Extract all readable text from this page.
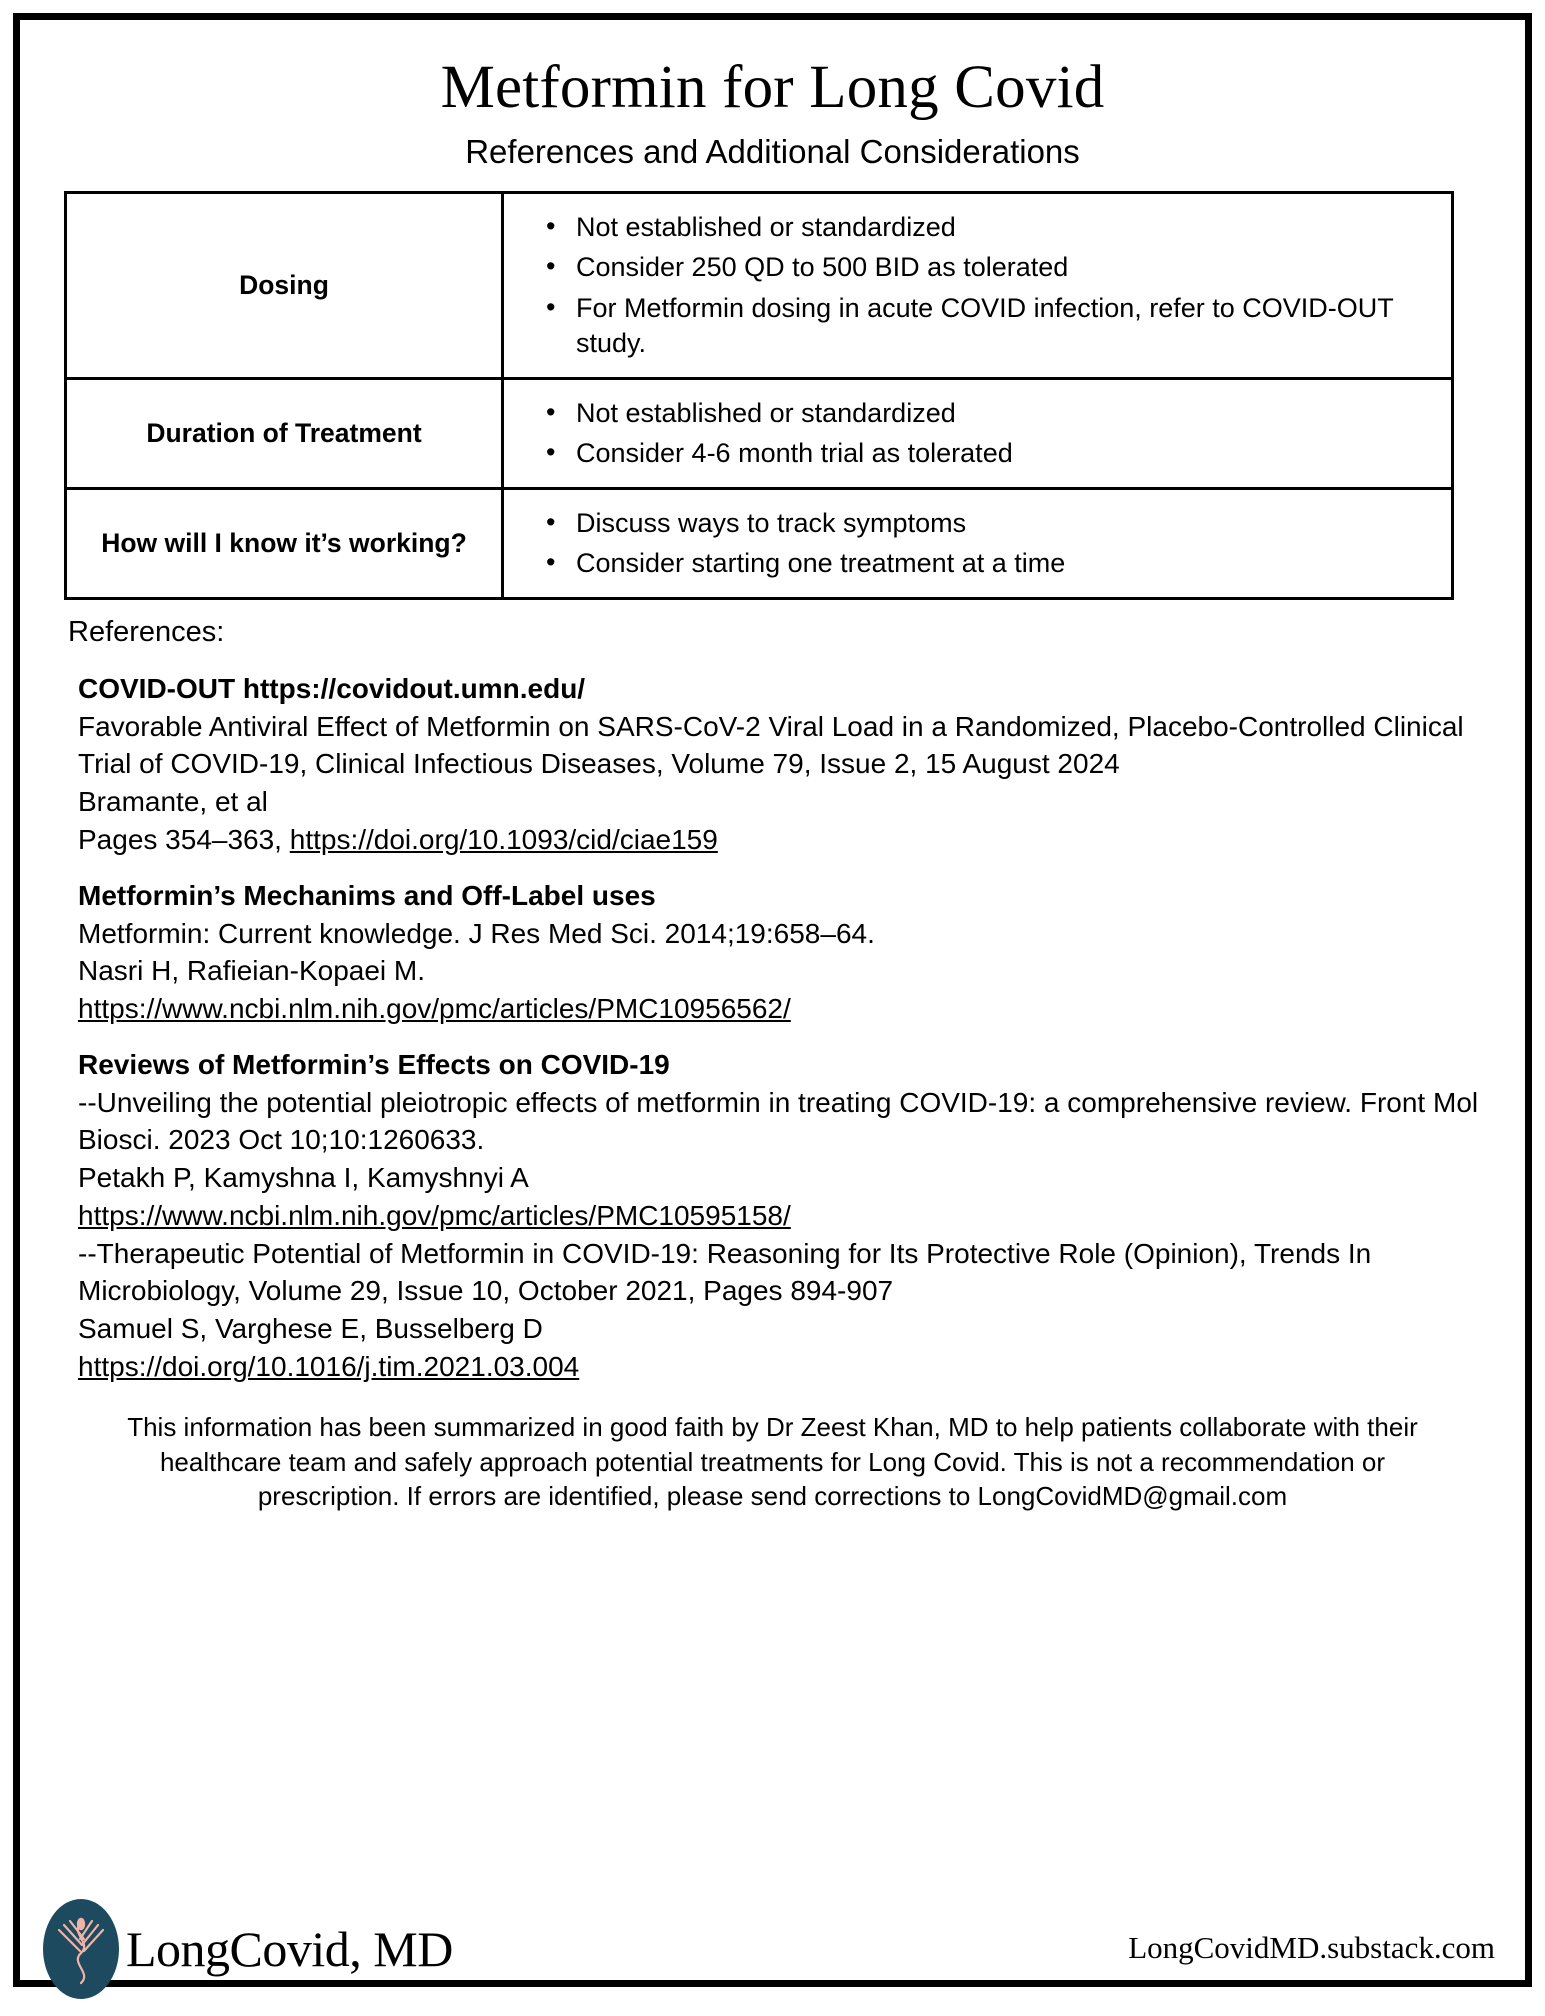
Metformin for Long Covid
References and Additional Considerations
Dosing	
• Not established or standardized
• Consider 250 QD to 500 BID as tolerated
• For Metformin dosing in acute COVID infection, refer to COVID-OUT study.

Duration of Treatment	
• Not established or standardized
• Consider 4-6 month trial as tolerated

How will I know it’s working?	
• Discuss ways to track symptoms
• Consider starting one treatment at a time
References:
COVID-OUT https://covidout.umn.edu/
Favorable Antiviral Effect of Metformin on SARS-CoV-2 Viral Load in a Randomized, Placebo-Controlled Clinical Trial of COVID-19, Clinical Infectious Diseases, Volume 79, Issue 2, 15 August 2024
Bramante, et al
Pages 354–363, https://doi.org/10.1093/cid/ciae159
Metformin’s Mechanims and Off-Label uses
Metformin: Current knowledge. J Res Med Sci. 2014;19:658–64.
Nasri H, Rafieian-Kopaei M.
https://www.ncbi.nlm.nih.gov/pmc/articles/PMC10956562/
Reviews of Metformin’s Effects on COVID-19
--Unveiling the potential pleiotropic effects of metformin in treating COVID-19: a comprehensive review. Front Mol Biosci. 2023 Oct 10;10:1260633.
Petakh P, Kamyshna I, Kamyshnyi A
https://www.ncbi.nlm.nih.gov/pmc/articles/PMC10595158/
--Therapeutic Potential of Metformin in COVID-19: Reasoning for Its Protective Role (Opinion), Trends In Microbiology, Volume 29, Issue 10, October 2021, Pages 894-907
Samuel S, Varghese E, Busselberg D
https://doi.org/10.1016/j.tim.2021.03.004
This information has been summarized in good faith by Dr Zeest Khan, MD to help patients collaborate with their healthcare team and safely approach potential treatments for Long Covid. This is not a recommendation or prescription. If errors are identified, please send corrections to LongCovidMD@gmail.com
LongCovid, MD	LongCovidMD.substack.com
